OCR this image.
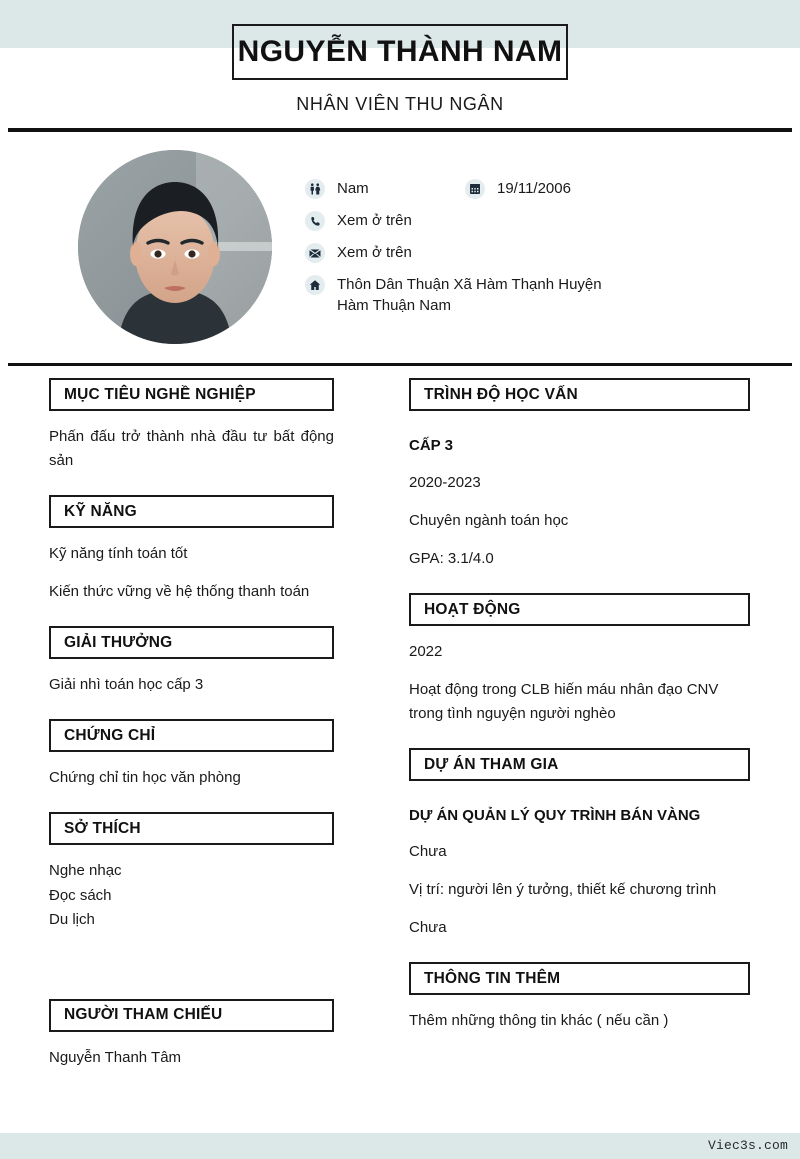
NGUYỄN THÀNH NAM
NHÂN VIÊN THU NGÂN
Nam	19/11/2006
Xem ở trên
Xem ở trên
Thôn Dân Thuận Xã Hàm Thạnh Huyện Hàm Thuận Nam
MỤC TIÊU NGHỀ NGHIỆP
Phấn đấu trở thành nhà đầu tư bất động sản
KỸ NĂNG
Kỹ năng tính toán tốt
Kiến thức vững về hệ thống thanh toán
GIẢI THƯỞNG
Giải nhì toán học cấp 3
CHỨNG CHỈ
Chứng chỉ tin học văn phòng
SỞ THÍCH
Nghe nhạc
Đọc sách
Du lịch
NGƯỜI THAM CHIẾU
Nguyễn Thanh Tâm
TRÌNH ĐỘ HỌC VẤN
CẤP 3
2020-2023
Chuyên ngành toán học
GPA: 3.1/4.0
HOẠT ĐỘNG
2022
Hoạt động trong CLB hiến máu nhân đạo CNV trong tình nguyện người nghèo
DỰ ÁN THAM GIA
DỰ ÁN QUẢN LÝ QUY TRÌNH BÁN VÀNG
Chưa
Vị trí: người lên ý tưởng, thiết kế chương trình
Chưa
THÔNG TIN THÊM
Thêm những thông tin khác ( nếu cần )
Viec3s.com
